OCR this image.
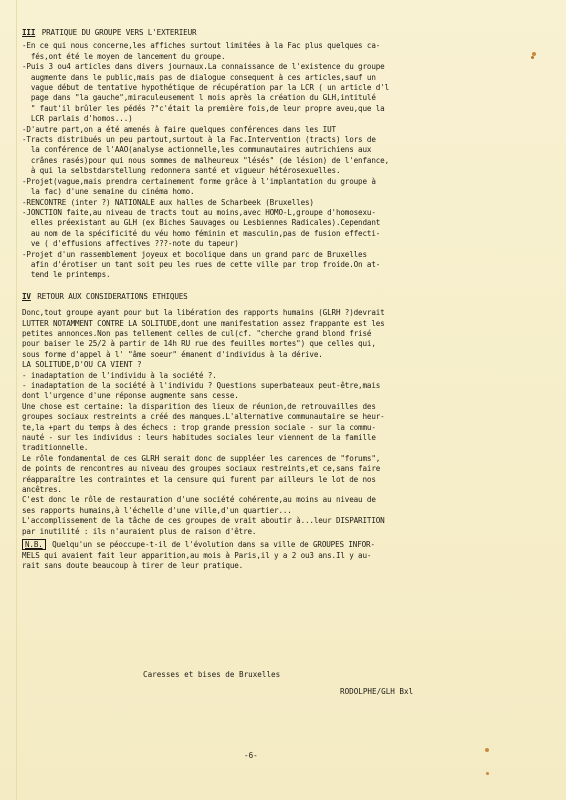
III PRATIQUE DU GROUPE VERS L'EXTERIEUR

-En ce qui nous concerne,les affiches surtout limitées à la Fac plus quelques ca-
fés,ont été le moyen de lancement du groupe.

-Puis 3 ou4 articles dans divers journaux.La connaissance de l'existence du groupe
augmente dans le public,mais pas de dialogue consequent à ces articles,sauf un
vague début de tentative hypothétique de récupération par la LCR ( un article d'l
page dans "la gauche",miraculeusement l mois après la création du GLH,intitulé
" faut'il brûler les pédés ?"c'était la première fois,de leur propre aveu,que la
LCR parlais d'homos...)

-D'autre part,on a été amenés à faire quelques conférences dans les IUT

-Tracts distribués un peu partout,surtout à la Fac.Intervention (tracts) lors de
la conférence de l'AAO(analyse actionnelle,les communautaires autrichiens aux
crânes rasés)pour qui nous sommes de malheureux "lésés" (de lésion) de l'enfance,
à qui la selbstdarstellung redonnera santé et vigueur hétérosexuelles.

-Projet(vague,mais prendra certainement forme grâce à l'implantation du groupe à
la fac) d'une semaine du cinéma homo.

-RENCONTRE (inter ?) NATIONALE aux halles de Scharbeek (Bruxelles)

-JONCTION faite,au niveau de tracts tout au moins,avec HOMO-L,groupe d'homosexu-
elles préexistant au GLH (ex Biches Sauvages ou Lesbiennes Radicales).Cependant
au nom de la spécificité du véu homo féminin et masculin,pas de fusion effecti-
ve ( d'effusions affectives ???-note du tapeur)

-Projet d'un rassemblement joyeux et bocolique dans un grand parc de Bruxelles
afin d'érotiser un tant soit peu les rues de cette ville par trop froide.On at-
tend le printemps.

IV RETOUR AUX CONSIDERATIONS ETHIQUES

Donc,tout groupe ayant pour but la libération des rapports humains (GLRH ?)devrait
LUTTER NOTAMMENT CONTRE LA SOLITUDE,dont une manifestation assez frappante est les
petites annonces.Non pas tellement celles de cul(cf. "cherche grand blond frisé
pour baiser le 25/2 à partir de 14h RU rue des feuilles mortes") que celles qui,
sous forme d'appel à l' "âme soeur" émanent d'individus à la dérive.

LA SOLITUDE,D'OU CA VIENT ?

- inadaptation de l'individu à la société ?.

- inadaptation de la société à l'individu ? Questions superbateaux peut-être,mais
dont l'urgence d'une réponse augmente sans cesse.

Une chose est certaine: la disparition des lieux de réunion,de retrouvailles des
groupes sociaux restreints a créé des manques.L'alternative communautaire se heur-
te,la +part du temps à des échecs : trop grande pression sociale - sur la commu-
nauté - sur les individus : leurs habitudes sociales leur viennent de la famille
traditionnelle.

Le rôle fondamental de ces GLRH serait donc de suppléer les carences de "forums",
de points de rencontres au niveau des groupes sociaux restreints,et ce,sans faire
réapparaître les contraintes et la censure qui furent par ailleurs le lot de nos
ancêtres.

C'est donc le rôle de restauration d'une société cohérente,au moins au niveau de
ses rapports humains,à l'échelle d'une ville,d'un quartier...

L'accomplissement de la tâche de ces groupes de vrait aboutir à...leur DISPARITION
par inutilité : ils n'auraient plus de raison d'être.

N.B. Quelqu'un se péoccupe-t-il de l'évolution dans sa ville de GROUPES INFOR-
MELS qui avaient fait leur apparition,au mois à Paris,il y a 2 ou3 ans.Il y au-
rait sans doute beaucoup à tirer de leur pratique.

Caresses et bises de Bruxelles
RODOLPHE/GLH Bxl
-6-
